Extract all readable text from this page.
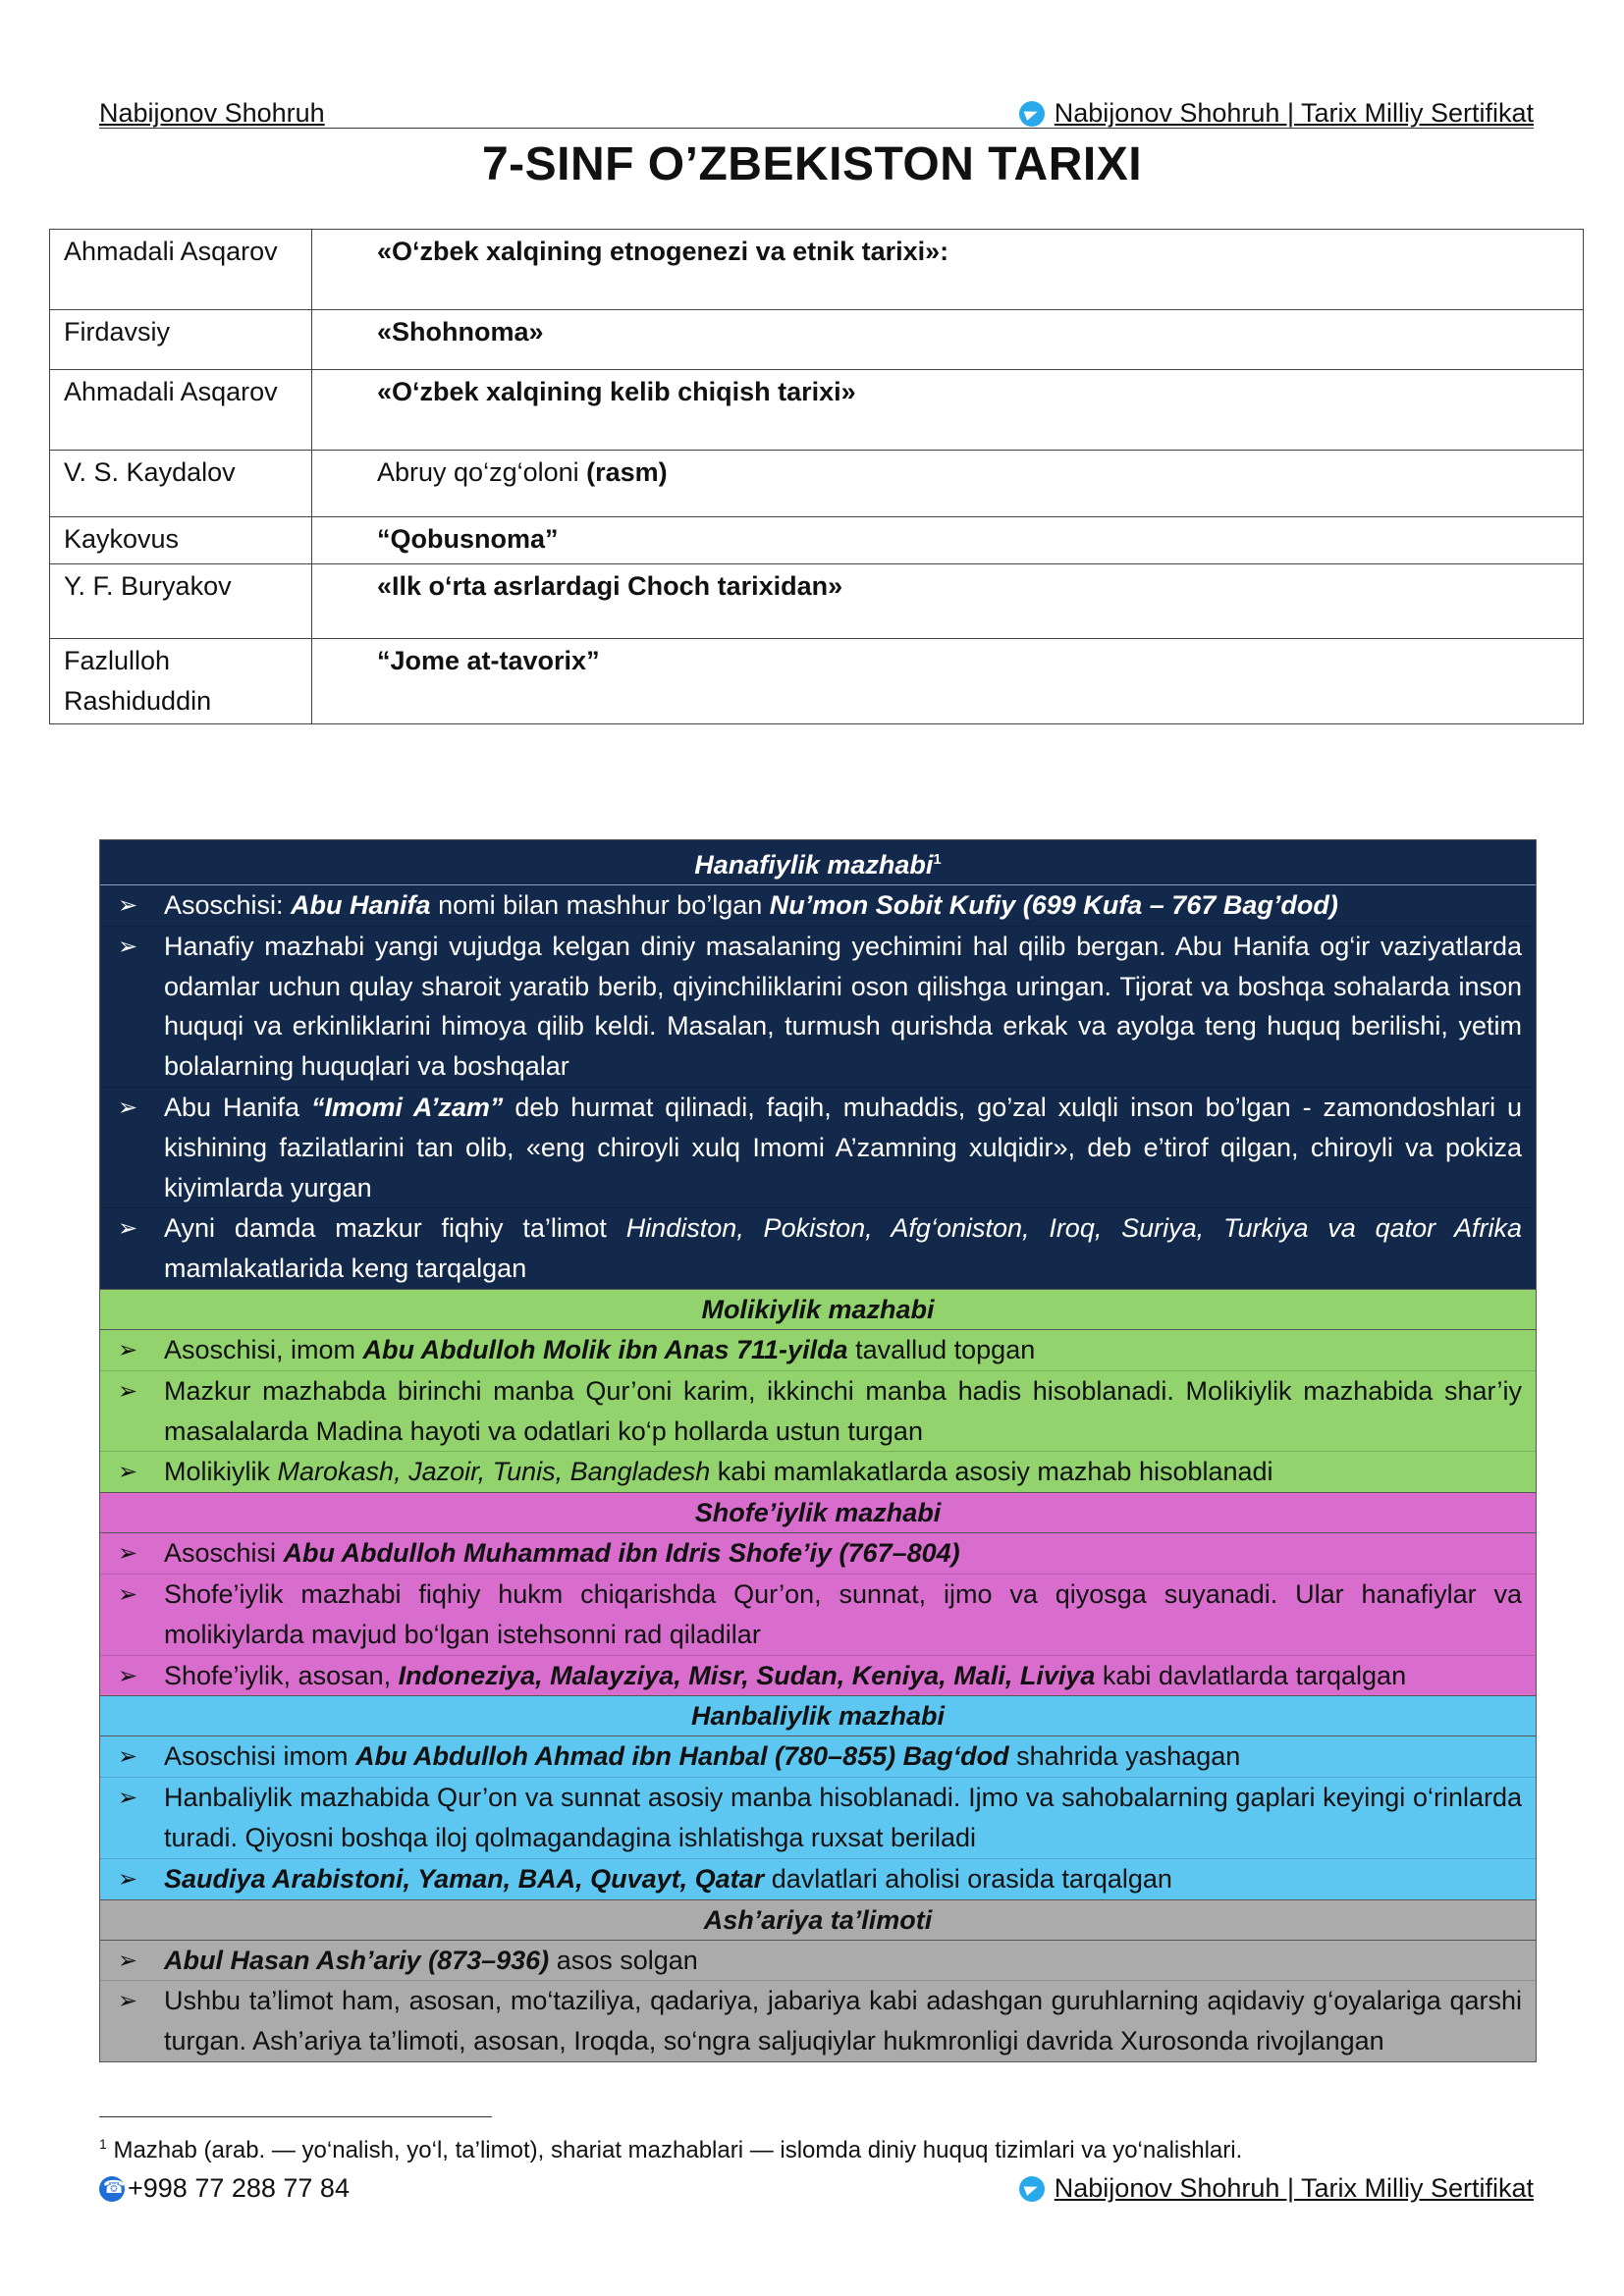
Nabijonov Shohruh	Nabijonov Shohruh | Tarix Milliy Sertifikat
7-SINF O’ZBEKISTON TARIXI
Ahmadali Asqarov	«O‘zbek xalqining etnogenezi va etnik tarixi»:
Firdavsiy	«Shohnoma»
Ahmadali Asqarov	«O‘zbek xalqining kelib chiqish tarixi»
V. S. Kaydalov	Abruy qo‘zg‘oloni (rasm)
Kaykovus	“Qobusnoma”
Y. F. Buryakov	«Ilk o‘rta asrlardagi Choch tarixidan»
Fazlulloh Rashiduddin	“Jome at-tavorix”
Hanafiylik mazhabi$^1$
➢ Asoschisi: Abu Hanifa nomi bilan mashhur bo’lgan Nu’mon Sobit Kufiy (699 Kufa – 767 Bag’dod)
➢ Hanafiy mazhabi yangi vujudga kelgan diniy masalaning yechimini hal qilib bergan. Abu Hanifa og‘ir vaziyatlarda odamlar uchun qulay sharoit yaratib berib, qiyinchiliklarini oson qilishga uringan. Tijorat va boshqa sohalarda inson huquqi va erkinliklarini himoya qilib keldi. Masalan, turmush qurishda erkak va ayolga teng huquq berilishi, yetim bolalarning huquqlari va boshqalar
➢ Abu Hanifa “Imomi A’zam” deb hurmat qilinadi, faqih, muhaddis, go’zal xulqli inson bo’lgan - zamondoshlari u kishining fazilatlarini tan olib, «eng chiroyli xulq Imomi A’zamning xulqidir», deb e’tirof qilgan, chiroyli va pokiza kiyimlarda yurgan
➢ Ayni damda mazkur fiqhiy ta’limot Hindiston, Pokiston, Afg‘oniston, Iroq, Suriya, Turkiya va qator Afrika mamlakatlarida keng tarqalgan
Molikiylik mazhabi
➢ Asoschisi, imom Abu Abdulloh Molik ibn Anas 711-yilda tavallud topgan
➢ Mazkur mazhabda birinchi manba Qur’oni karim, ikkinchi manba hadis hisoblanadi. Molikiylik mazhabida shar’iy masalalarda Madina hayoti va odatlari ko‘p hollarda ustun turgan
➢ Molikiylik Marokash, Jazoir, Tunis, Bangladesh kabi mamlakatlarda asosiy mazhab hisoblanadi
Shofe’iylik mazhabi
➢ Asoschisi Abu Abdulloh Muhammad ibn Idris Shofe’iy (767–804)
➢ Shofe’iylik mazhabi fiqhiy hukm chiqarishda Qur’on, sunnat, ijmo va qiyosga suyanadi. Ular hanafiylar va molikiylarda mavjud bo‘lgan istehsonni rad qiladilar
➢ Shofe’iylik, asosan, Indoneziya, Malayziya, Misr, Sudan, Keniya, Mali, Liviya kabi davlatlarda tarqalgan
Hanbaliylik mazhabi
➢ Asoschisi imom Abu Abdulloh Ahmad ibn Hanbal (780–855) Bag‘dod shahrida yashagan
➢ Hanbaliylik mazhabida Qur’on va sunnat asosiy manba hisoblanadi. Ijmo va sahobalarning gaplari keyingi o‘rinlarda turadi. Qiyosni boshqa iloj qolmagandagina ishlatishga ruxsat beriladi
➢ Saudiya Arabistoni, Yaman, BAA, Quvayt, Qatar davlatlari aholisi orasida tarqalgan
Ash’ariya ta’limoti
➢ Abul Hasan Ash’ariy (873–936) asos solgan
➢ Ushbu ta’limot ham, asosan, mo‘taziliya, qadariya, jabariya kabi adashgan guruhlarning aqidaviy g‘oyalariga qarshi turgan. Ash’ariya ta’limoti, asosan, Iroqda, so‘ngra saljuqiylar hukmronligi davrida Xurosonda rivojlangan
$^1$ Mazhab (arab. — yo‘nalish, yo‘l, ta’limot), shariat mazhablari — islomda diniy huquq tizimlari va yo‘nalishlari.
☎
+998 77 288 77 84	Nabijonov Shohruh | Tarix Milliy Sertifikat
